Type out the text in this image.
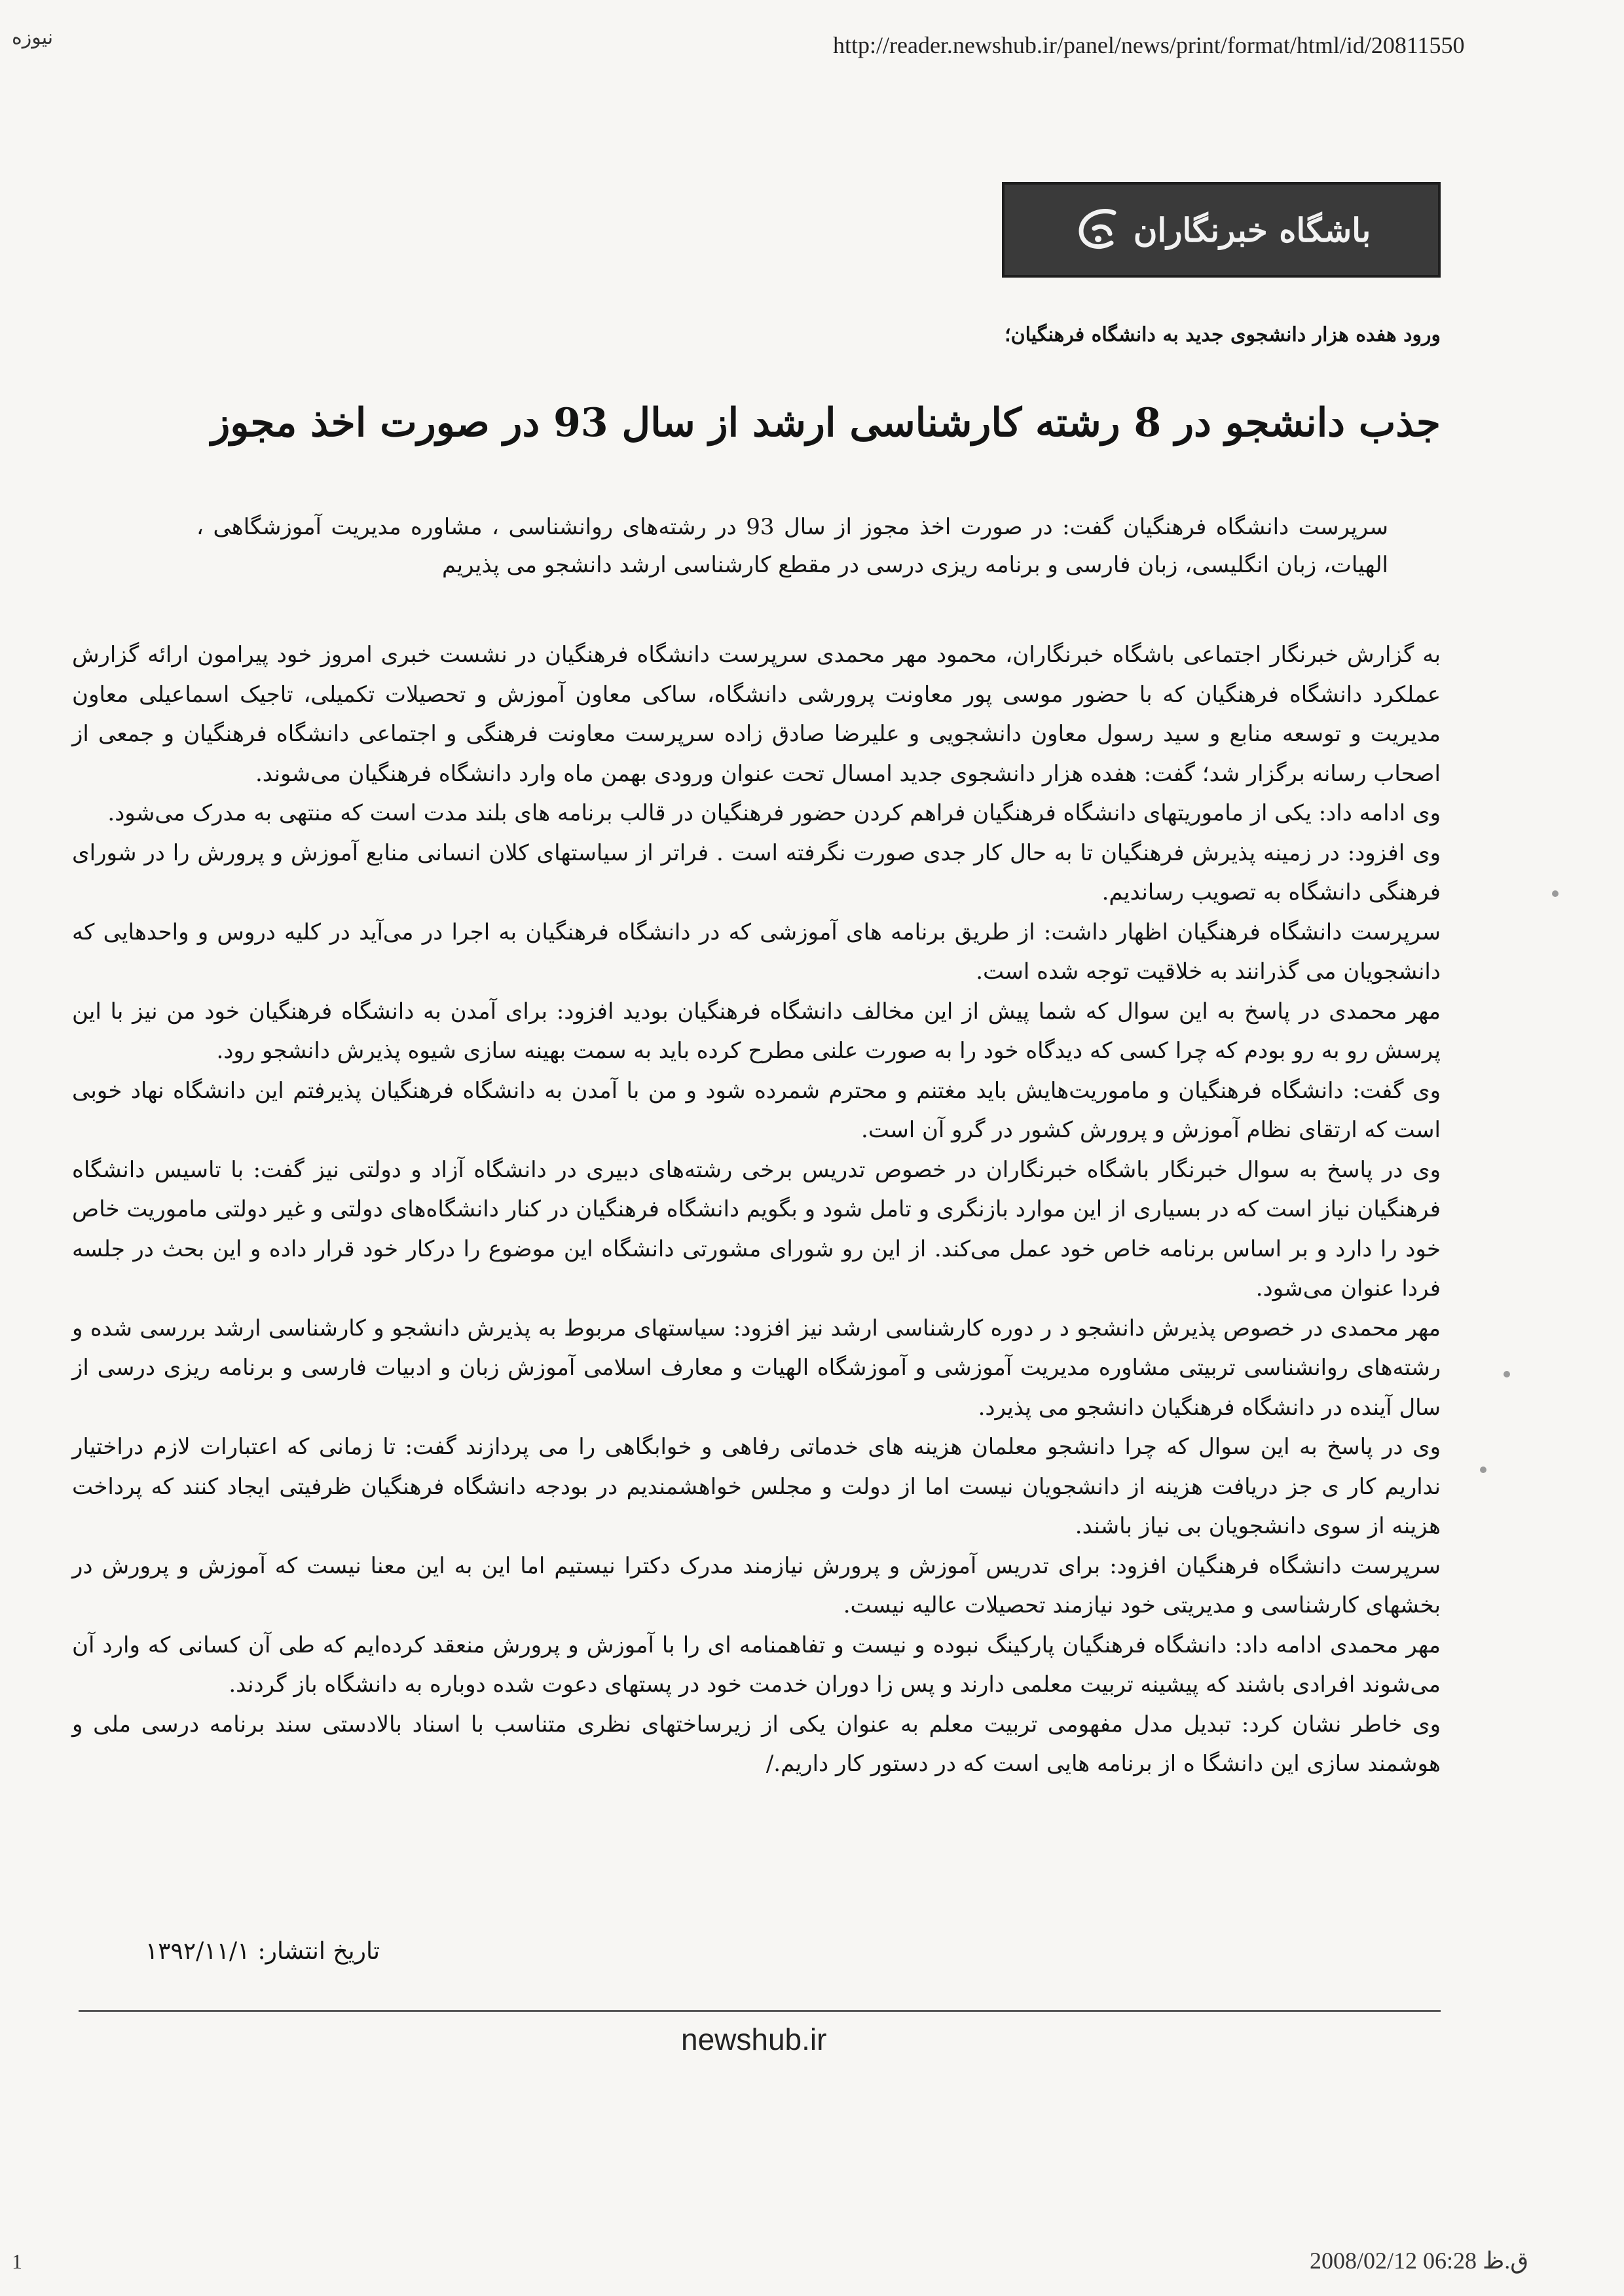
نیوزه	http://reader.newshub.ir/panel/news/print/format/html/id/20811550
باشگاه خبرنگاران
ورود هفده هزار دانشجوی جدید به دانشگاه فرهنگیان؛
جذب دانشجو در 8 رشته کارشناسی ارشد از سال 93 در صورت اخذ مجوز
سرپرست دانشگاه فرهنگیان گفت: در صورت اخذ مجوز از سال 93 در رشته‌های روانشناسی ، مشاوره مدیریت آموزشگاهی ، الهیات، زبان انگلیسی، زبان فارسی و برنامه ریزی درسی در مقطع کارشناسی ارشد دانشجو می پذیریم

به گزارش خبرنگار اجتماعی باشگاه خبرنگاران، محمود مهر محمدی سرپرست دانشگاه فرهنگیان در نشست خبری امروز خود پیرامون ارائه گزارش عملکرد دانشگاه فرهنگیان که با حضور موسی پور معاونت پرورشی دانشگاه، ساکی معاون آموزش و تحصیلات تکمیلی، تاجیک اسماعیلی معاون مدیریت و توسعه منابع و سید رسول معاون دانشجویی و علیرضا صادق زاده سرپرست معاونت فرهنگی و اجتماعی دانشگاه فرهنگیان و جمعی از اصحاب رسانه برگزار شد؛ گفت: هفده هزار دانشجوی جدید امسال تحت عنوان ورودی بهمن ماه وارد دانشگاه فرهنگیان می‌شوند.

وی ادامه داد: یکی از ماموریتهای دانشگاه فرهنگیان فراهم کردن حضور فرهنگیان در قالب برنامه های بلند مدت است که منتهی به مدرک می‌شود.

وی افزود: در زمینه پذیرش فرهنگیان تا به حال کار جدی صورت نگرفته است . فراتر از سیاستهای کلان انسانی منابع آموزش و پرورش را در شورای فرهنگی دانشگاه به تصویب رساندیم.

سرپرست دانشگاه فرهنگیان اظهار داشت: از طریق برنامه های آموزشی که در دانشگاه فرهنگیان به اجرا در می‌آید در کلیه دروس و واحدهایی که دانشجویان می گذرانند به خلاقیت توجه شده است.

مهر محمدی در پاسخ به این سوال که شما پیش از این مخالف دانشگاه فرهنگیان بودید افزود: برای آمدن به دانشگاه فرهنگیان خود من نیز با این پرسش رو به رو بودم که چرا کسی که دیدگاه خود را به صورت علنی مطرح کرده باید به سمت بهینه سازی شیوه پذیرش دانشجو رود.

وی گفت: دانشگاه فرهنگیان و ماموریت‌هایش باید مغتنم و محترم شمرده شود و من با آمدن به دانشگاه فرهنگیان پذیرفتم این دانشگاه نهاد خوبی است که ارتقای نظام آموزش و پرورش کشور در گرو آن است.

وی در پاسخ به سوال خبرنگار باشگاه خبرنگاران در خصوص تدریس برخی رشته‌های دبیری در دانشگاه آزاد و دولتی نیز گفت: با تاسیس دانشگاه فرهنگیان نیاز است که در بسیاری از این موارد بازنگری و تامل شود و بگویم دانشگاه فرهنگیان در کنار دانشگاه‌های دولتی و غیر دولتی ماموریت خاص خود را دارد و بر اساس برنامه خاص خود عمل می‌کند. از این رو شورای مشورتی دانشگاه این موضوع را درکار خود قرار داده و این بحث در جلسه فردا عنوان می‌شود.

مهر محمدی در خصوص پذیرش دانشجو د ر دوره کارشناسی ارشد نیز افزود: سیاستهای مربوط به پذیرش دانشجو و کارشناسی ارشد بررسی شده و رشته‌های روانشناسی تربیتی مشاوره مدیریت آموزشی و آموزشگاه الهیات و معارف اسلامی آموزش زبان و ادبیات فارسی و برنامه ریزی درسی از سال آینده در دانشگاه فرهنگیان دانشجو می پذیرد.

وی در پاسخ به این سوال که چرا دانشجو معلمان هزینه های خدماتی رفاهی و خوابگاهی را می پردازند گفت: تا زمانی که اعتبارات لازم دراختیار نداریم کار ی جز دریافت هزینه از دانشجویان نیست اما از دولت و مجلس خواهشمندیم در بودجه دانشگاه فرهنگیان ظرفیتی ایجاد کنند که پرداخت هزینه از سوی دانشجویان بی نیاز باشند.

سرپرست دانشگاه فرهنگیان افزود: برای تدریس آموزش و پرورش نیازمند مدرک دکترا نیستیم اما این به این معنا نیست که آموزش و پرورش در بخشهای کارشناسی و مدیریتی خود نیازمند تحصیلات عالیه نیست.

مهر محمدی ادامه داد: دانشگاه فرهنگیان پارکینگ نبوده و نیست و تفاهمنامه ای را با آموزش و پرورش منعقد کرده‌ایم که طی آن کسانی که وارد آن می‌شوند افرادی باشند که پیشینه تربیت معلمی دارند و پس زا دوران خدمت خود در پستهای دعوت شده دوباره به دانشگاه باز گردند.

وی خاطر نشان کرد: تبدیل مدل مفهومی تربیت معلم به عنوان یکی از زیرساختهای نظری متناسب با اسناد بالادستی سند برنامه درسی ملی و هوشمند سازی این دانشگا ه از برنامه هایی است که در دستور کار داریم./

تاریخ انتشار:١٣٩٢/١١/١
newshub.ir
1	2008/02/12 06:28 ق.ظ
